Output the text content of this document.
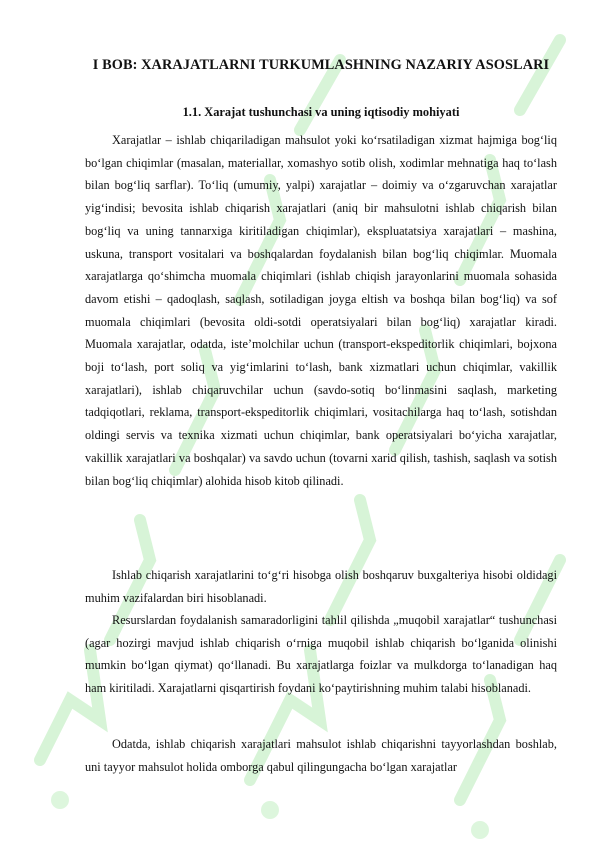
I BOB: XARAJATLARNI TURKUMLASHNING NAZARIY ASOSLARI
1.1. Xarajat tushunchasi va uning iqtisodiy mohiyati

Xarajatlar – ishlab chiqariladigan mahsulot yoki ko‘rsatiladigan xizmat hajmiga bog‘liq bo‘lgan chiqimlar (masalan, materiallar, xomashyo sotib olish, xodimlar mehnatiga haq to‘lash bilan bog‘liq sarflar). To‘liq (umumiy, yalpi) xarajatlar – doimiy va o‘zgaruvchan xarajatlar yig‘indisi; bevosita ishlab chiqarish xarajatlari (aniq bir mahsulotni ishlab chiqarish bilan bog‘liq va uning tannarxiga kiritiladigan chiqimlar), ekspluatatsiya xarajatlari – mashina, uskuna, transport vositalari va boshqalardan foydalanish bilan bog‘liq chiqimlar. Muomala xarajatlarga qo‘shimcha muomala chiqimlari (ishlab chiqish jarayonlarini muomala sohasida davom etishi – qadoqlash, saqlash, sotiladigan joyga eltish va boshqa bilan bog‘liq) va sof muomala chiqimlari (bevosita oldi-sotdi operatsiyalari bilan bog‘liq) xarajatlar kiradi. Muomala xarajatlar, odatda, iste’molchilar uchun (transport-ekspeditorlik chiqimlari, bojxona boji to‘lash, port soliq va yig‘imlarini to‘lash, bank xizmatlari uchun chiqimlar, vakillik xarajatlari), ishlab chiqaruvchilar uchun (savdo-sotiq bo‘linmasini saqlash, marketing tadqiqotlari, reklama, transport-ekspeditorlik chiqimlari, vositachilarga haq to‘lash, sotishdan oldingi servis va texnika xizmati uchun chiqimlar, bank operatsiyalari bo‘yicha xarajatlar, vakillik xarajatlari va boshqalar) va savdo uchun (tovarni xarid qilish, tashish, saqlash va sotish bilan bog‘liq chiqimlar) alohida hisob kitob qilinadi.

Ishlab chiqarish xarajatlarini to‘g‘ri hisobga olish boshqaruv buxgalteriya hisobi oldidagi muhim vazifalardan biri hisoblanadi.

Resurslardan foydalanish samaradorligini tahlil qilishda „muqobil xarajatlar“ tushunchasi (agar hozirgi mavjud ishlab chiqarish o‘rniga muqobil ishlab chiqarish bo‘lganida olinishi mumkin bo‘lgan qiymat) qo‘llanadi. Bu xarajatlarga foizlar va mulkdorga to‘lanadigan haq ham kiritiladi. Xarajatlarni qisqartirish foydani ko‘paytirishning muhim talabi hisoblanadi.

Odatda, ishlab chiqarish xarajatlari mahsulot ishlab chiqarishni tayyorlashdan boshlab, uni tayyor mahsulot holida omborga qabul qilingungacha bo‘lgan xarajatlar
